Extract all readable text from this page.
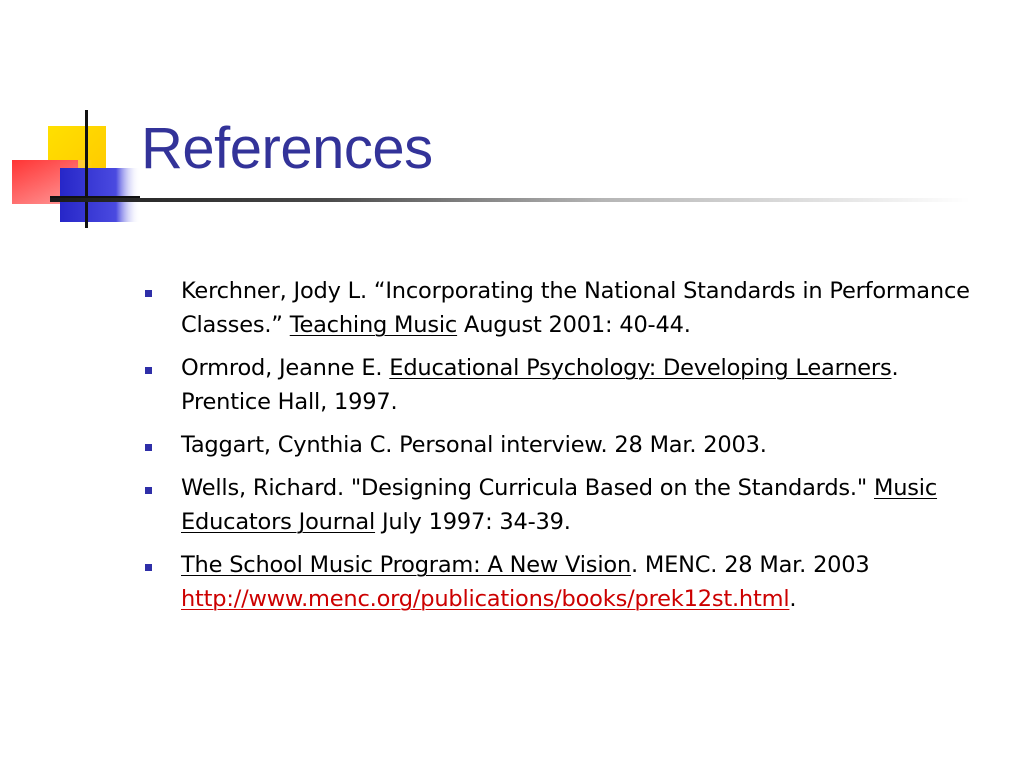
References
Kerchner, Jody L. “Incorporating the National Standards in Performance Classes.” Teaching Music August 2001: 40-44.
Ormrod, Jeanne E. Educational Psychology: Developing Learners. Prentice Hall, 1997.
Taggart, Cynthia C. Personal interview. 28 Mar. 2003.
Wells, Richard. "Designing Curricula Based on the Standards." Music Educators Journal July 1997: 34-39.
The School Music Program: A New Vision. MENC. 28 Mar. 2003 http://www.menc.org/publications/books/prek12st.html.
